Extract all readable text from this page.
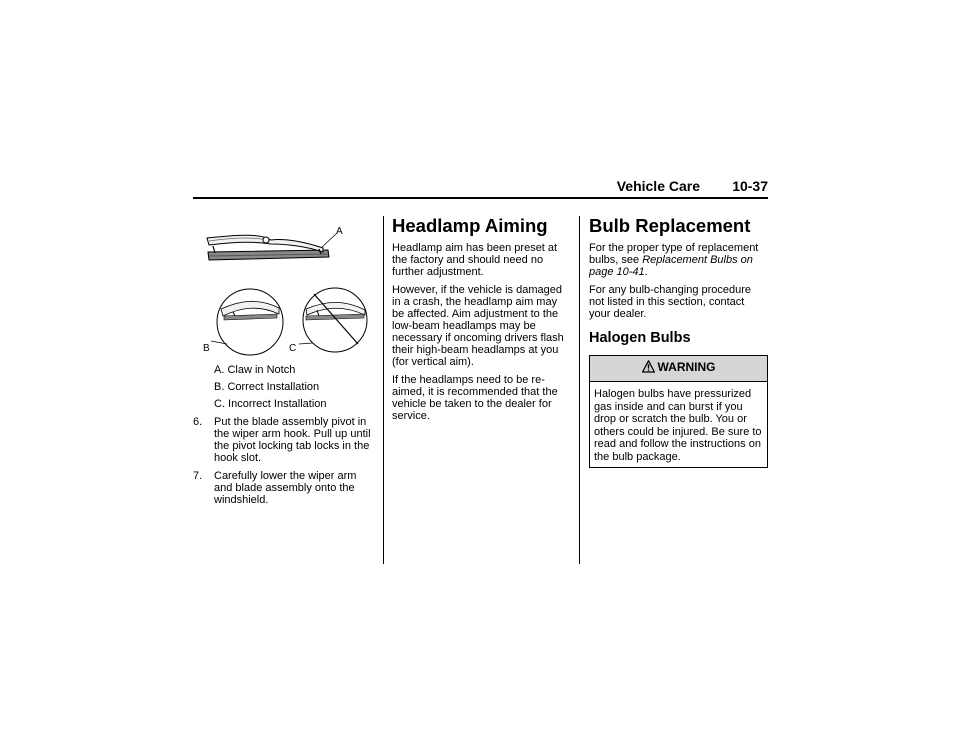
Vehicle Care 10-37
A
B	C
A. Claw in Notch
B. Correct Installation
C. Incorrect Installation
6. Put the blade assembly pivot in the wiper arm hook. Pull up until the pivot locking tab locks in the hook slot.
7. Carefully lower the wiper arm and blade assembly onto the windshield.
Headlamp Aiming

Headlamp aim has been preset at the factory and should need no further adjustment.

However, if the vehicle is damaged in a crash, the headlamp aim may be affected. Aim adjustment to the low-beam headlamps may be necessary if oncoming drivers flash their high-beam headlamps at you (for vertical aim).

If the headlamps need to be re-aimed, it is recommended that the vehicle be taken to the dealer for service.

Bulb Replacement

For the proper type of replacement bulbs, see Replacement Bulbs on page 10-41.

For any bulb-changing procedure not listed in this section, contact your dealer.

Halogen Bulbs
WARNING
Halogen bulbs have pressurized gas inside and can burst if you drop or scratch the bulb. You or others could be injured. Be sure to read and follow the instructions on the bulb package.
